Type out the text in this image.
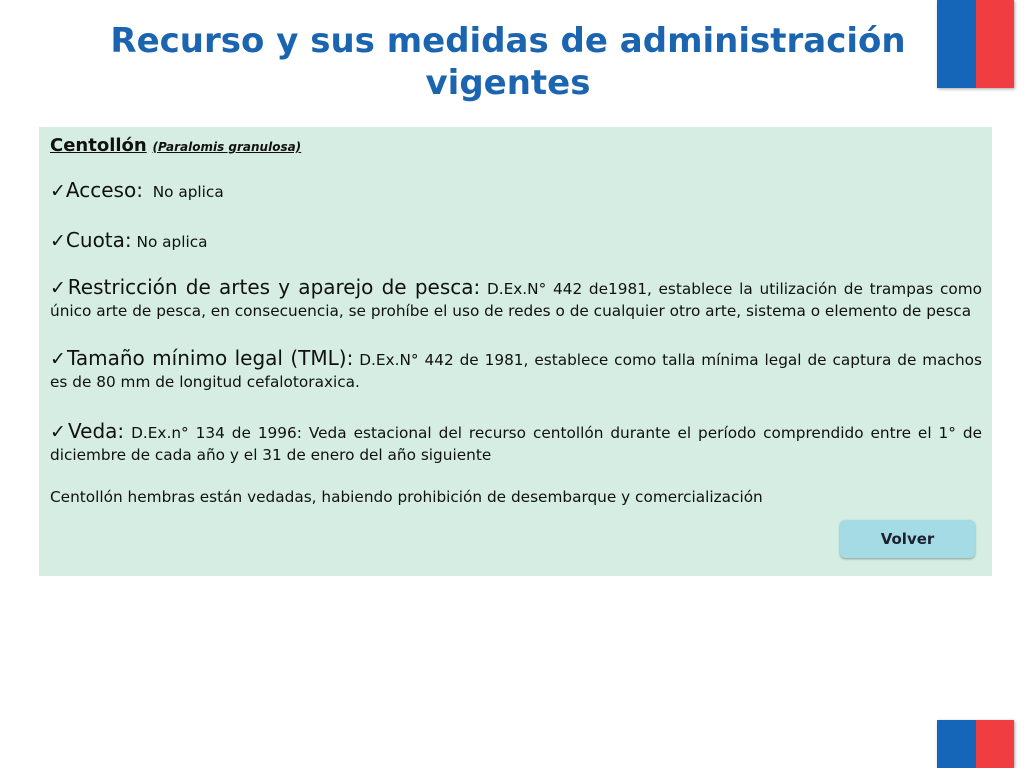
Recurso y sus medidas de administración vigentes
Centollón (Paralomis granulosa)
✓Acceso: No aplica
✓Cuota: No aplica
✓Restricción de artes y aparejo de pesca: D.Ex.N° 442 de1981, establece la utilización de trampas como único arte de pesca, en consecuencia, se prohíbe el uso de redes o de cualquier otro arte, sistema o elemento de pesca
✓Tamaño mínimo legal (TML): D.Ex.N° 442 de 1981, establece como talla mínima legal de captura de machos es de 80 mm de longitud cefalotoraxica.
✓Veda: D.Ex.n° 134 de 1996: Veda estacional del recurso centollón durante el período comprendido entre el 1° de diciembre de cada año y el 31 de enero del año siguiente
Centollón hembras están vedadas, habiendo prohibición de desembarque y comercialización
Volver
